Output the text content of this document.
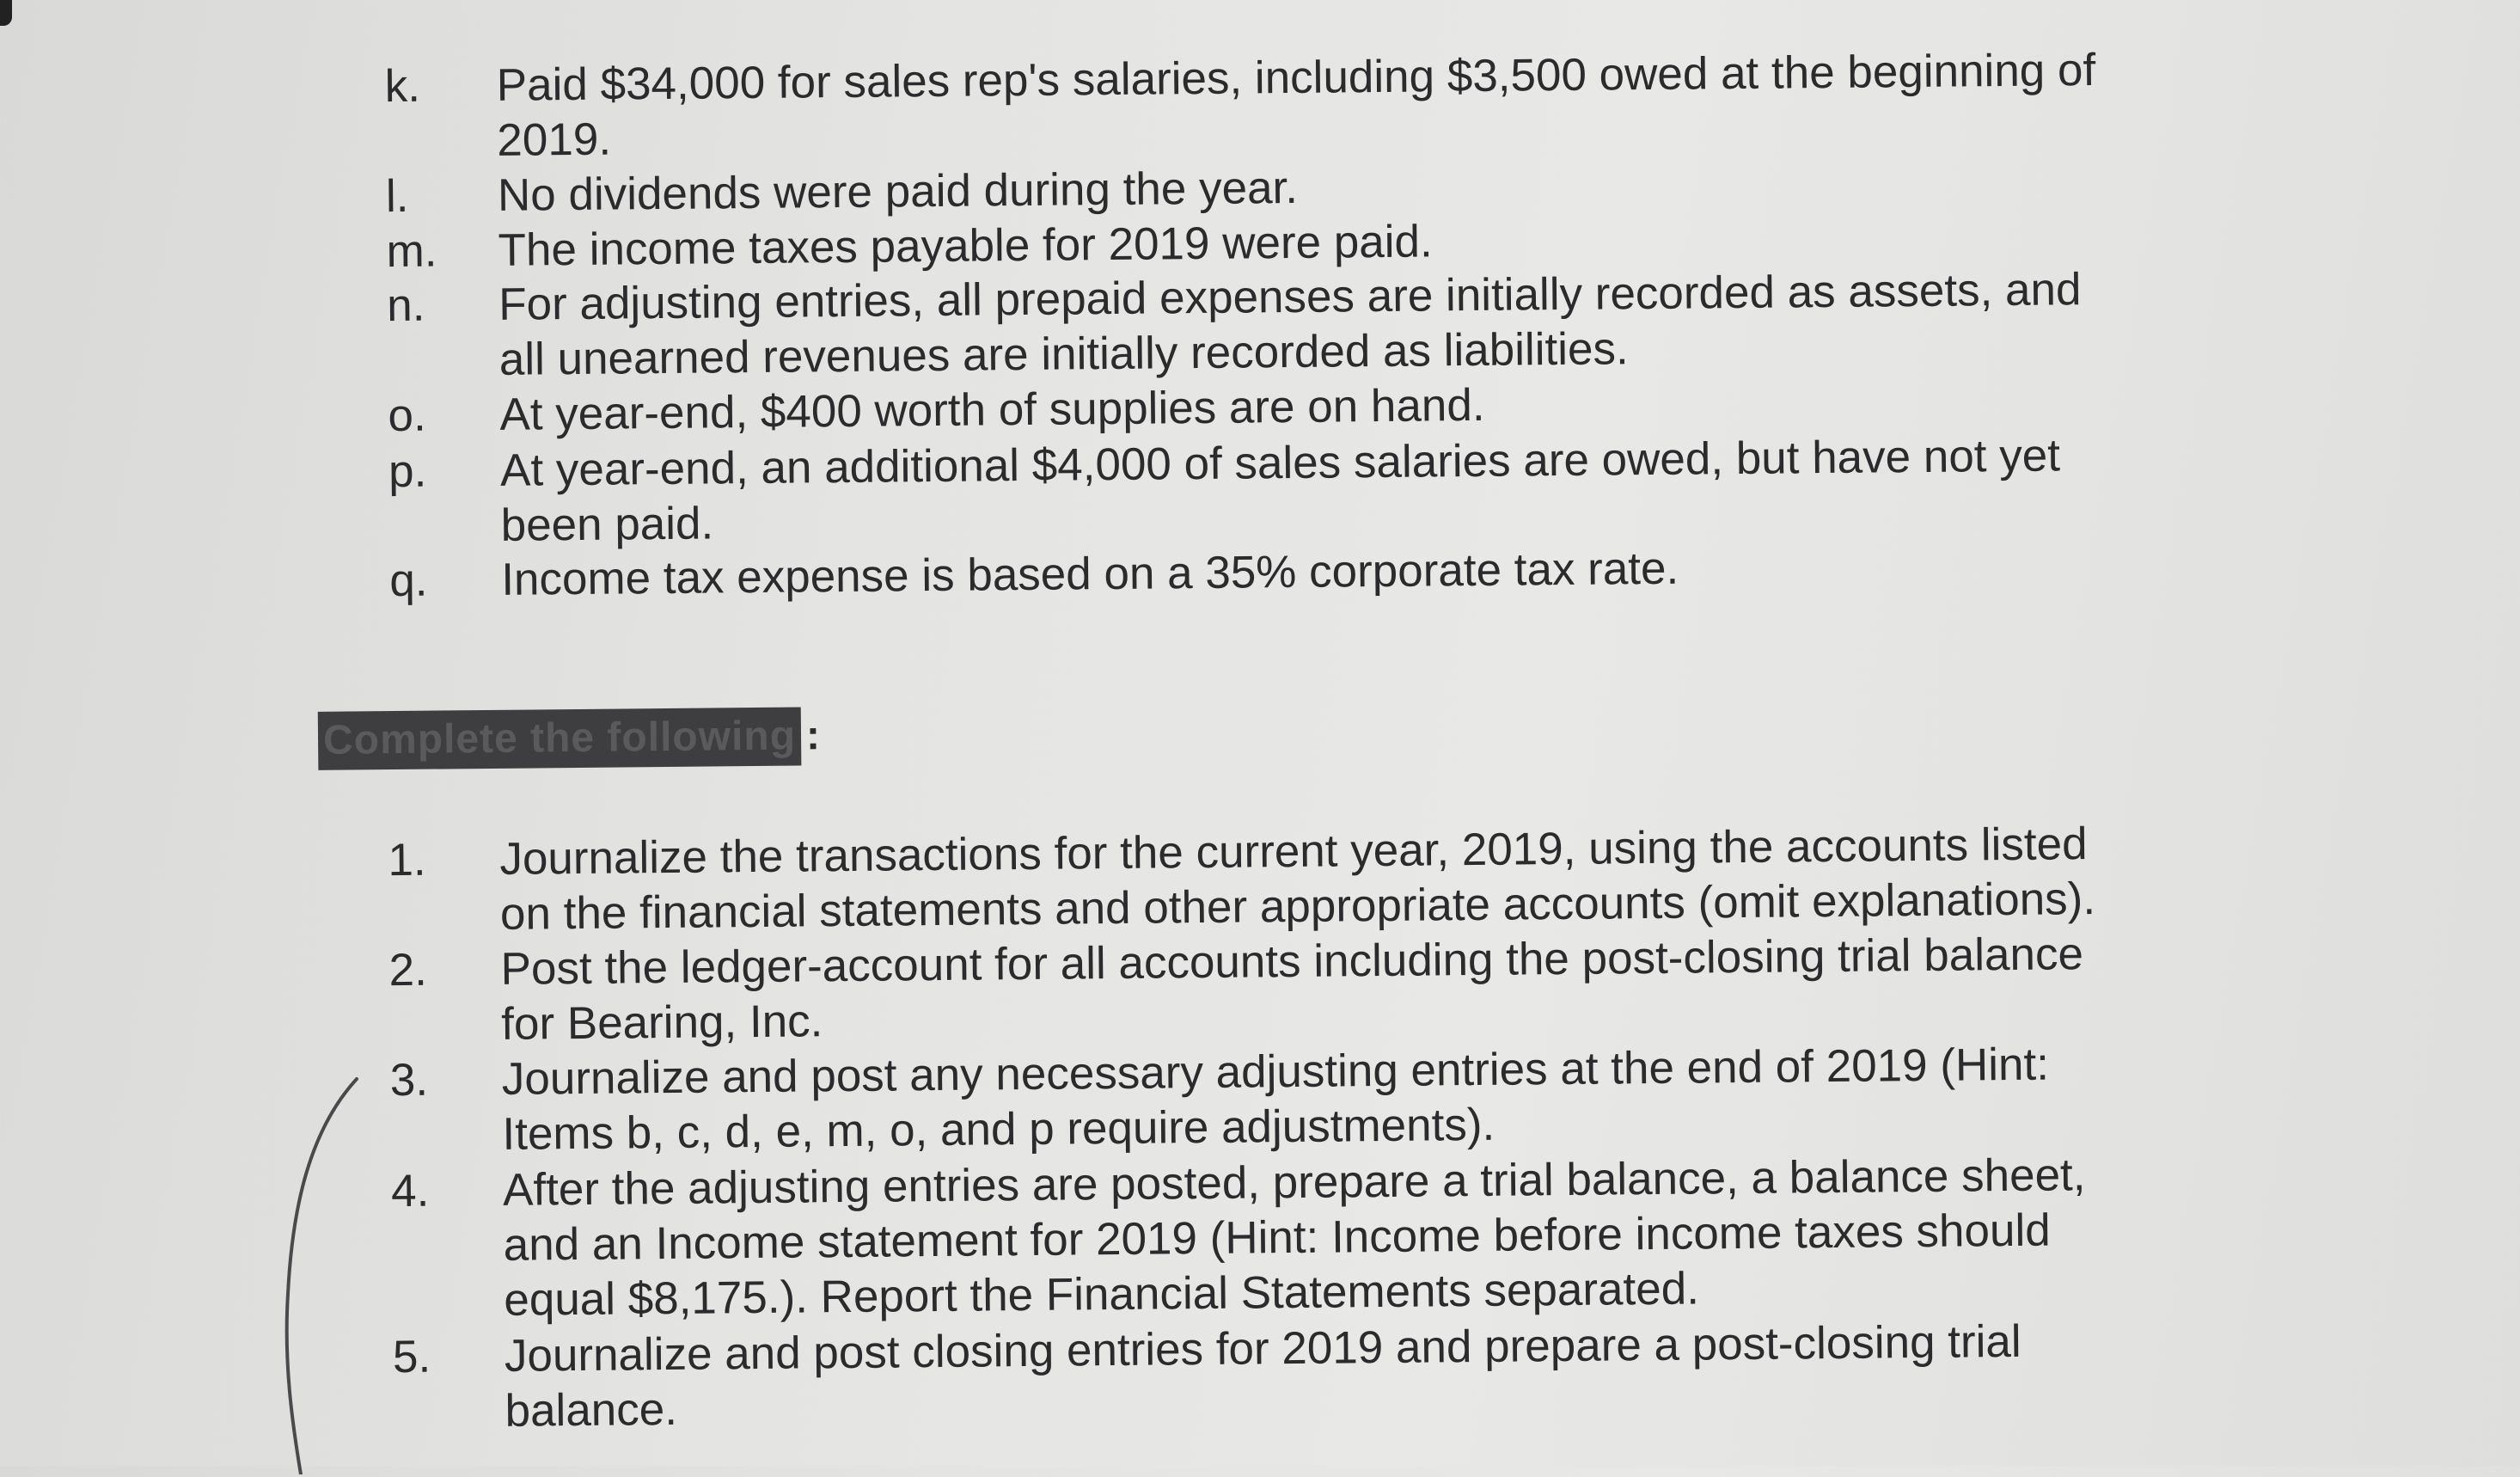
k.	Paid $34,000 for sales rep's salaries, including $3,500 owed at the beginning of 2019.
l.	No dividends were paid during the year.
m.	The income taxes payable for 2019 were paid.
n.	For adjusting entries, all prepaid expenses are initially recorded as assets, and all unearned revenues are initially recorded as liabilities.
o.	At year-end, $400 worth of supplies are on hand.
p.	At year-end, an additional $4,000 of sales salaries are owed, but have not yet been paid.
q.	Income tax expense is based on a 35% corporate tax rate.
Complete the following :
1.	Journalize the transactions for the current year, 2019, using the accounts listed on the financial statements and other appropriate accounts (omit explanations).
2.	Post the ledger-account for all accounts including the post-closing trial balance for Bearing, Inc.
3.	Journalize and post any necessary adjusting entries at the end of 2019 (Hint: Items b, c, d, e, m, o, and p require adjustments).
4.	After the adjusting entries are posted, prepare a trial balance, a balance sheet, and an Income statement for 2019 (Hint: Income before income taxes should equal $8,175.). Report the Financial Statements separated.
5.	Journalize and post closing entries for 2019 and prepare a post-closing trial balance.
